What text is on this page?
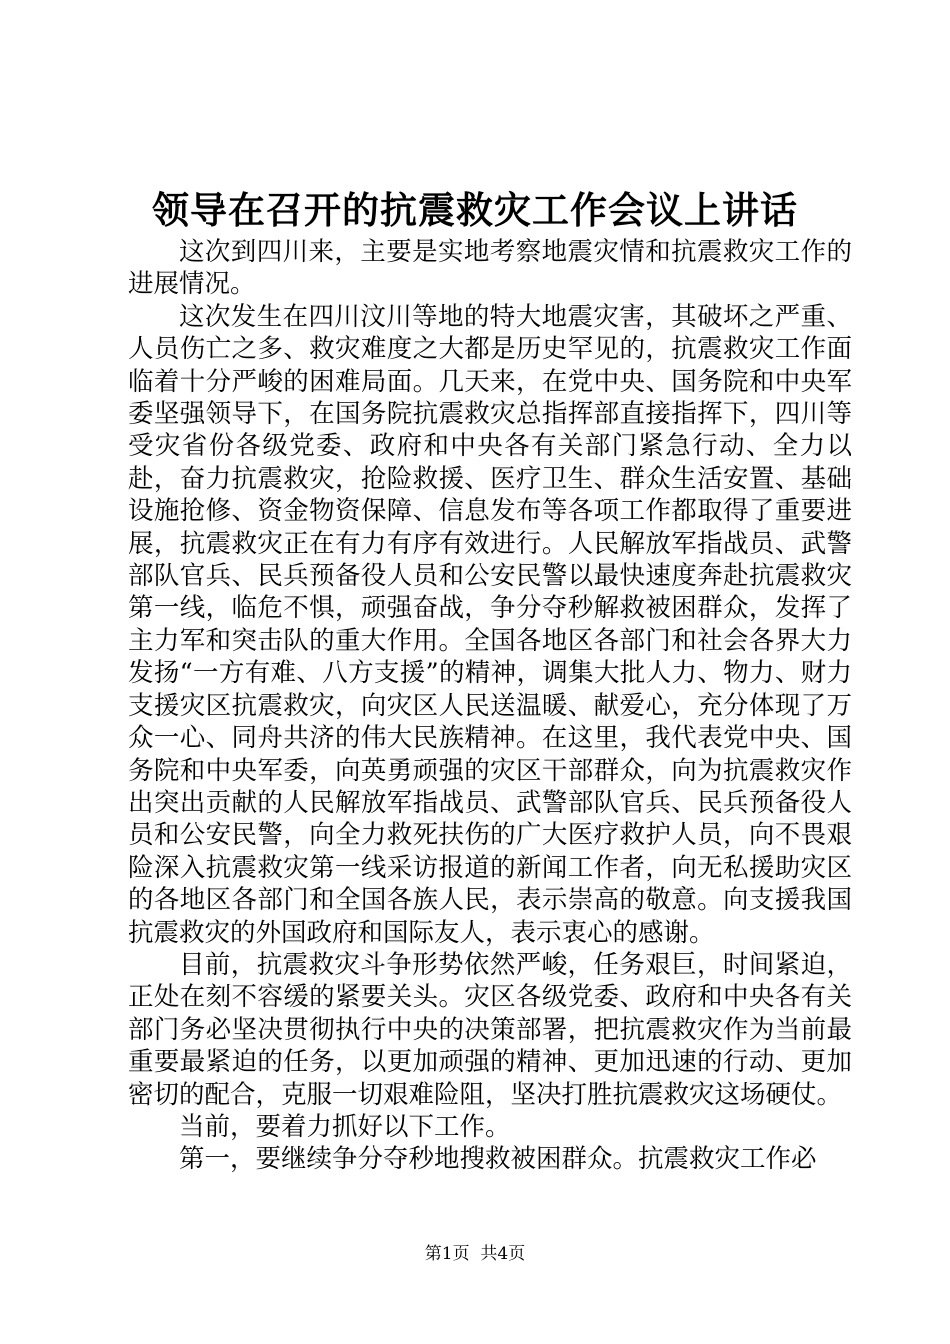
领导在召开的抗震救灾工作会议上讲话

这次到四川来，主要是实地考察地震灾情和抗震救灾工作的进展情况。

这次发生在四川汶川等地的特大地震灾害，其破坏之严重、人员伤亡之多、救灾难度之大都是历史罕见的，抗震救灾工作面临着十分严峻的困难局面。几天来，在党中央、国务院和中央军委坚强领导下，在国务院抗震救灾总指挥部直接指挥下，四川等受灾省份各级党委、政府和中央各有关部门紧急行动、全力以赴，奋力抗震救灾，抢险救援、医疗卫生、群众生活安置、基础设施抢修、资金物资保障、信息发布等各项工作都取得了重要进展，抗震救灾正在有力有序有效进行。人民解放军指战员、武警部队官兵、民兵预备役人员和公安民警以最快速度奔赴抗震救灾第一线，临危不惧，顽强奋战，争分夺秒解救被困群众，发挥了主力军和突击队的重大作用。全国各地区各部门和社会各界大力发扬“一方有难、八方支援”的精神，调集大批人力、物力、财力支援灾区抗震救灾，向灾区人民送温暖、献爱心，充分体现了万众一心、同舟共济的伟大民族精神。在这里，我代表党中央、国务院和中央军委，向英勇顽强的灾区干部群众，向为抗震救灾作出突出贡献的人民解放军指战员、武警部队官兵、民兵预备役人员和公安民警，向全力救死扶伤的广大医疗救护人员，向不畏艰险深入抗震救灾第一线采访报道的新闻工作者，向无私援助灾区的各地区各部门和全国各族人民，表示崇高的敬意。向支援我国抗震救灾的外国政府和国际友人，表示衷心的感谢。

目前，抗震救灾斗争形势依然严峻，任务艰巨，时间紧迫，正处在刻不容缓的紧要关头。灾区各级党委、政府和中央各有关部门务必坚决贯彻执行中央的决策部署，把抗震救灾作为当前最重要最紧迫的任务，以更加顽强的精神、更加迅速的行动、更加密切的配合，克服一切艰难险阻，坚决打胜抗震救灾这场硬仗。

当前，要着力抓好以下工作。

第一，要继续争分夺秒地搜救被困群众。抗震救灾工作必

第1页 共4页
